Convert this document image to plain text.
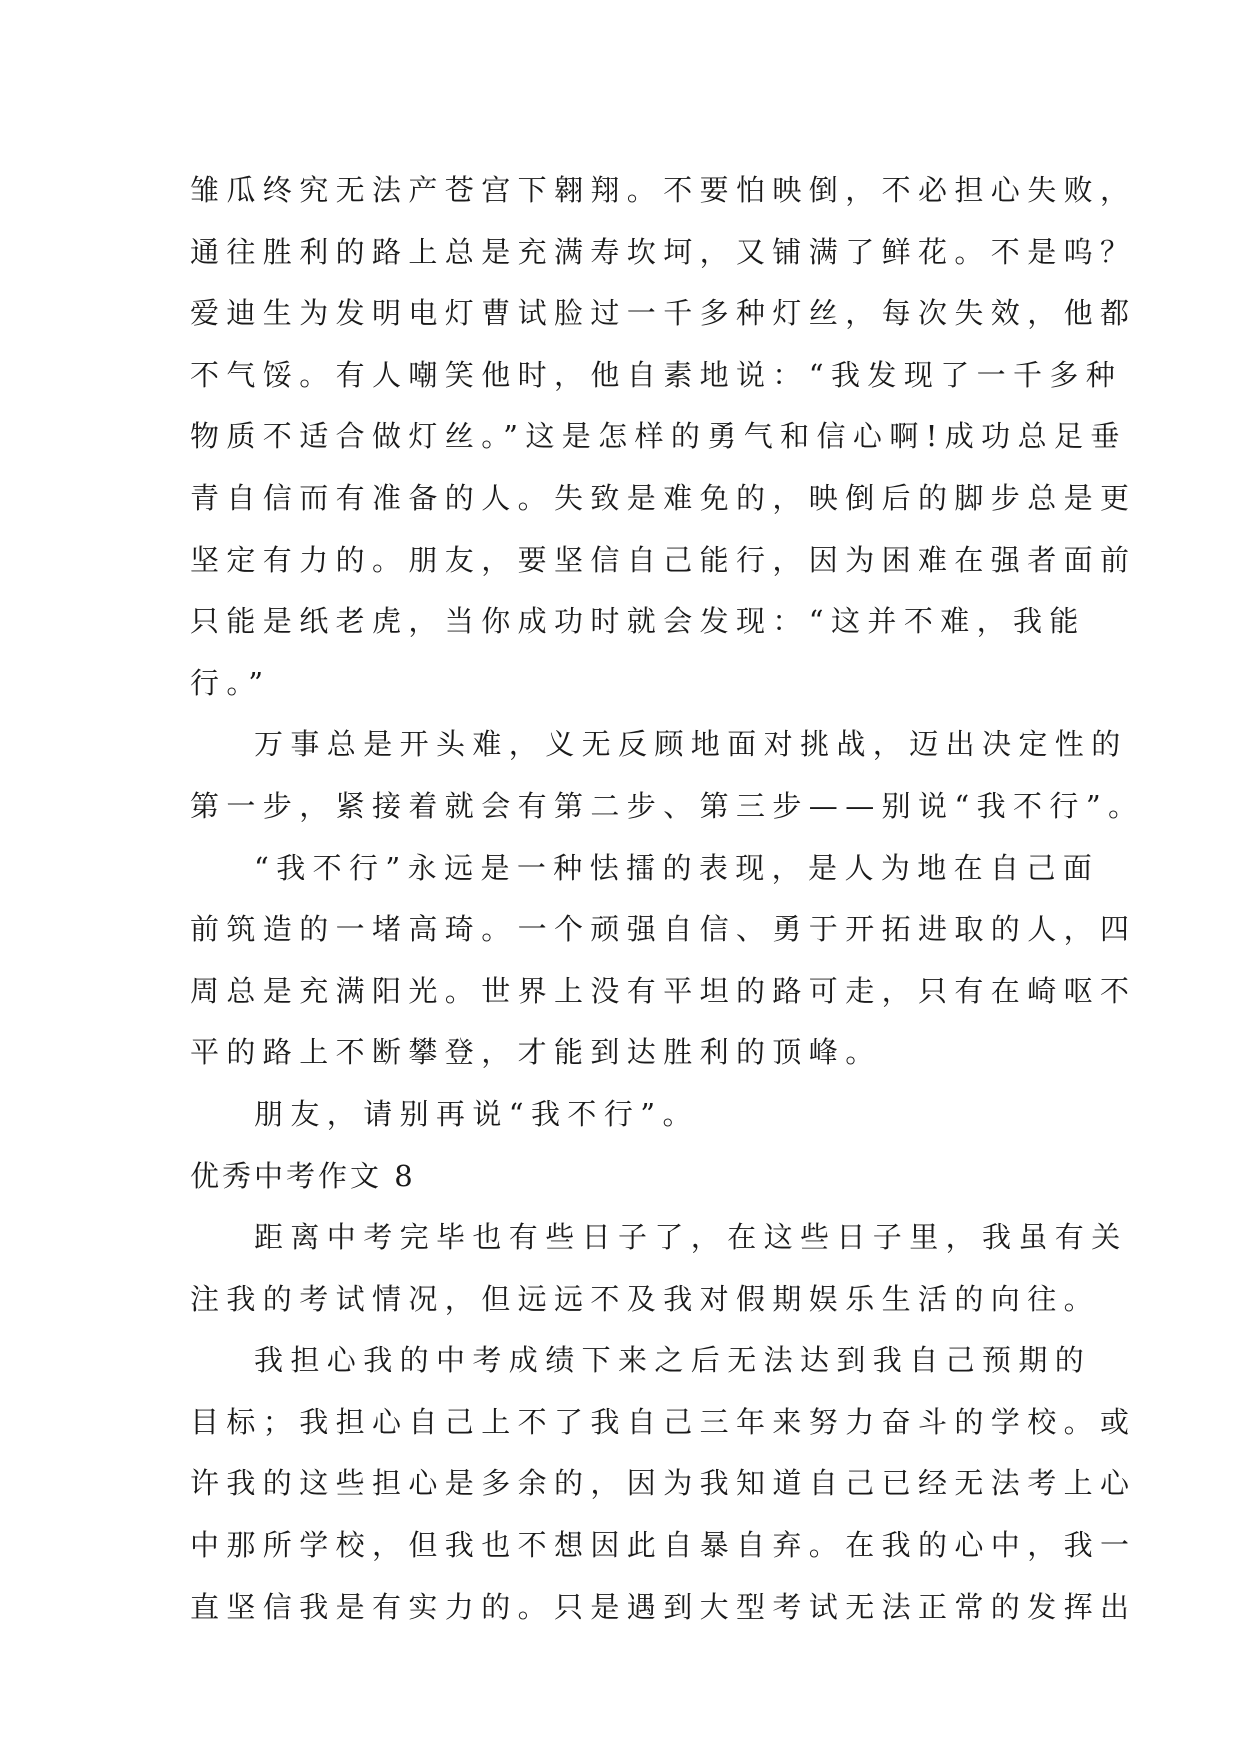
雏瓜终究无法产苍宫下翱翔。不要怕映倒，不必担心失败，
通往胜利的路上总是充满寿坎坷，又铺满了鲜花。不是呜？
爱迪生为发明电灯曹试脸过一千多种灯丝，每次失效，他都
不气馁。有人嘲笑他时，他自素地说：“我发现了一千多种
物质不适合做灯丝。”这是怎样的勇气和信心啊!成功总足垂
青自信而有准备的人。失致是难免的，映倒后的脚步总是更
坚定有力的。朋友，要坚信自己能行，因为困难在强者面前
只能是纸老虎，当你成功时就会发现：“这并不难，我能
行。”
万事总是开头难，义无反顾地面对挑战，迈出决定性的
第一步，紧接着就会有第二步、第三步——别说“我不行”。
“我不行”永远是一种怯擂的表现，是人为地在自己面
前筑造的一堵高琦。一个顽强自信、勇于开拓进取的人，四
周总是充满阳光。世界上没有平坦的路可走，只有在崎呕不
平的路上不断攀登，才能到达胜利的顶峰。
朋友，请别再说“我不行”。
优秀中考作文 8
距离中考完毕也有些日子了，在这些日子里，我虽有关
注我的考试情况，但远远不及我对假期娱乐生活的向往。
我担心我的中考成绩下来之后无法达到我自己预期的
目标；我担心自己上不了我自己三年来努力奋斗的学校。或
许我的这些担心是多余的，因为我知道自己已经无法考上心
中那所学校，但我也不想因此自暴自弃。在我的心中，我一
直坚信我是有实力的。只是遇到大型考试无法正常的发挥出
